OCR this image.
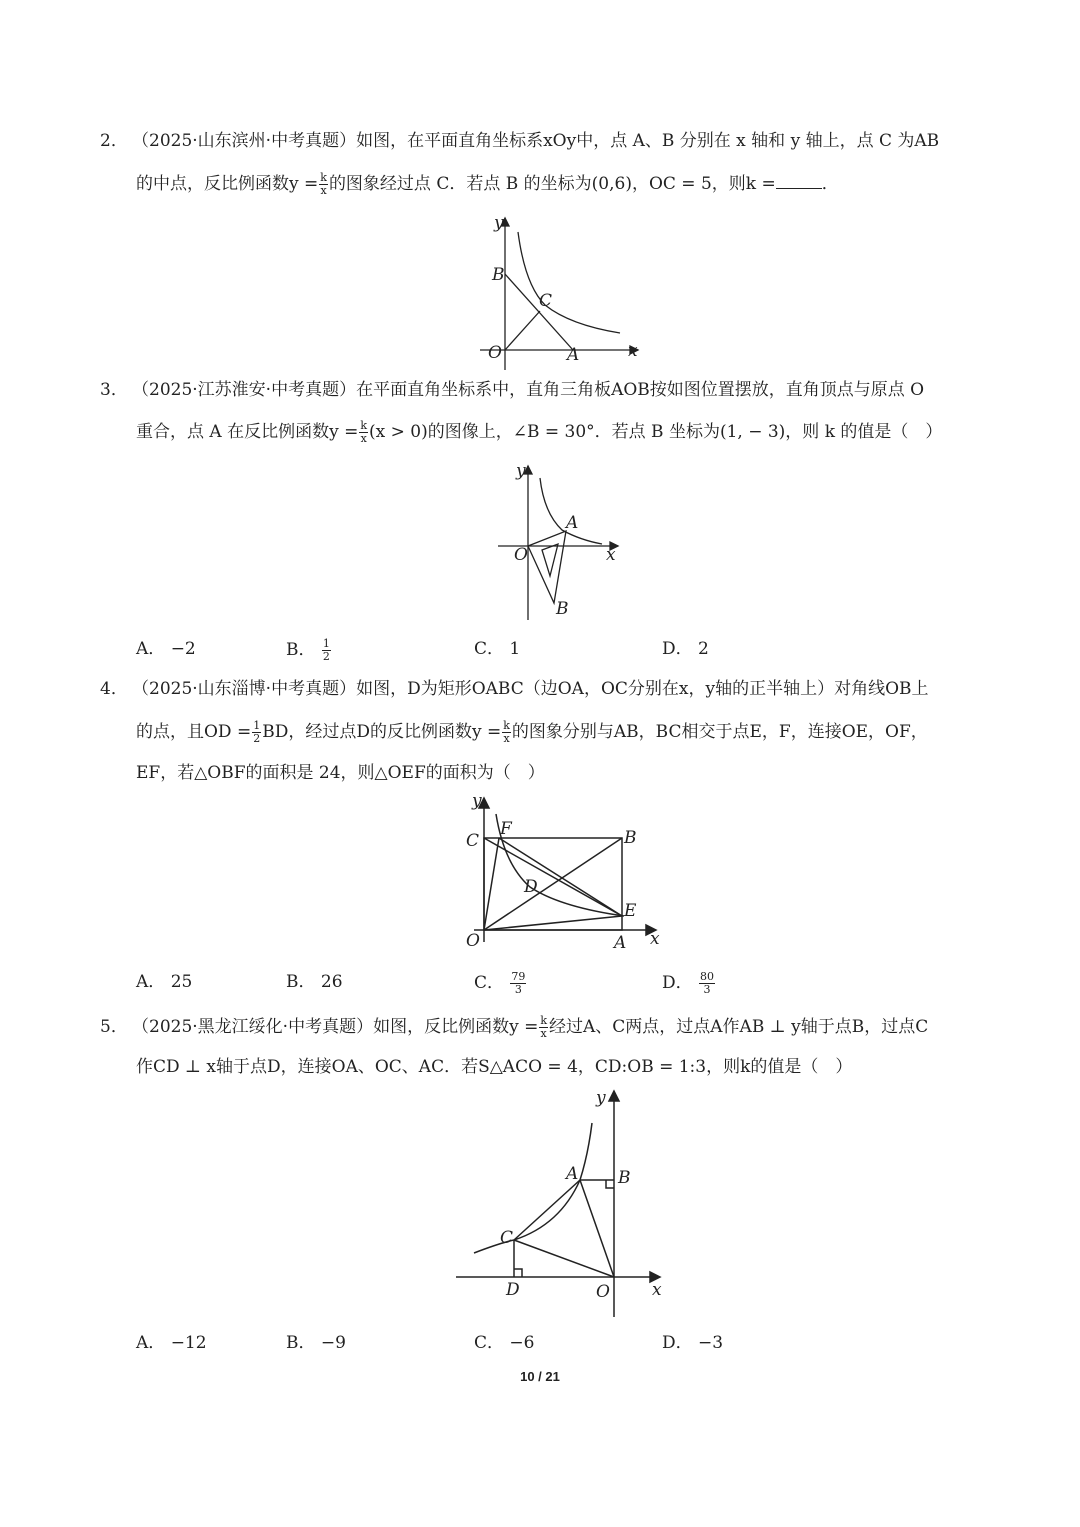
2． （2025·山东滨州·中考真题）如图，在平面直角坐标系xOy中，点 A、B 分别在 x 轴和 y 轴上，点 C 为AB
的中点，反比例函数$y = \frac{k}{x}$ 的图象经过点 C．若点 B 的坐标为(0,6)，OC = 5，则k =	．
y
x
O	A
B
C
3． （2025·江苏淮安·中考真题）在平面直角坐标系中，直角三角板AOB按如图位置摆放，直角顶点与原点 O
重合，点 A 在反比例函数$y = \frac{k}{x} (x > 0)$的图像上，∠B = 30°．若点 B 坐标为(1, − 3)，则 k 的值是（　）
y
x
O
A
B
A． −2	B． $\frac{1}{2}$	C． 1	D． 2
4． （2025·山东淄博·中考真题）如图，D为矩形OABC（边OA，OC分别在x，y轴的正半轴上）对角线OB上
的点，且OD = $\frac{1}{2}$ BD，经过点D的反比例函数$y = \frac{k}{x}$ 的图象分别与AB，BC相交于点E，F，连接OE，OF，
EF，若△OBF的面积是 24，则△OEF的面积为（　）
y
x
O	A
B
C
D
E
F
A． 25	B． 26	C． $\frac{79}{3}$	D． $\frac{80}{3}$
5． （2025·黑龙江绥化·中考真题）如图，反比例函数$y = \frac{k}{x}$ 经过A、C两点，过点A作AB ⊥ y轴于点B，过点C
作CD ⊥ x轴于点D，连接OA、OC、AC．若S△ACO = 4，CD:OB = 1:3，则k的值是（　）
y
x
O
A B
C
D
A． −12	B． −9	C． −6	D． −3
10 / 21
